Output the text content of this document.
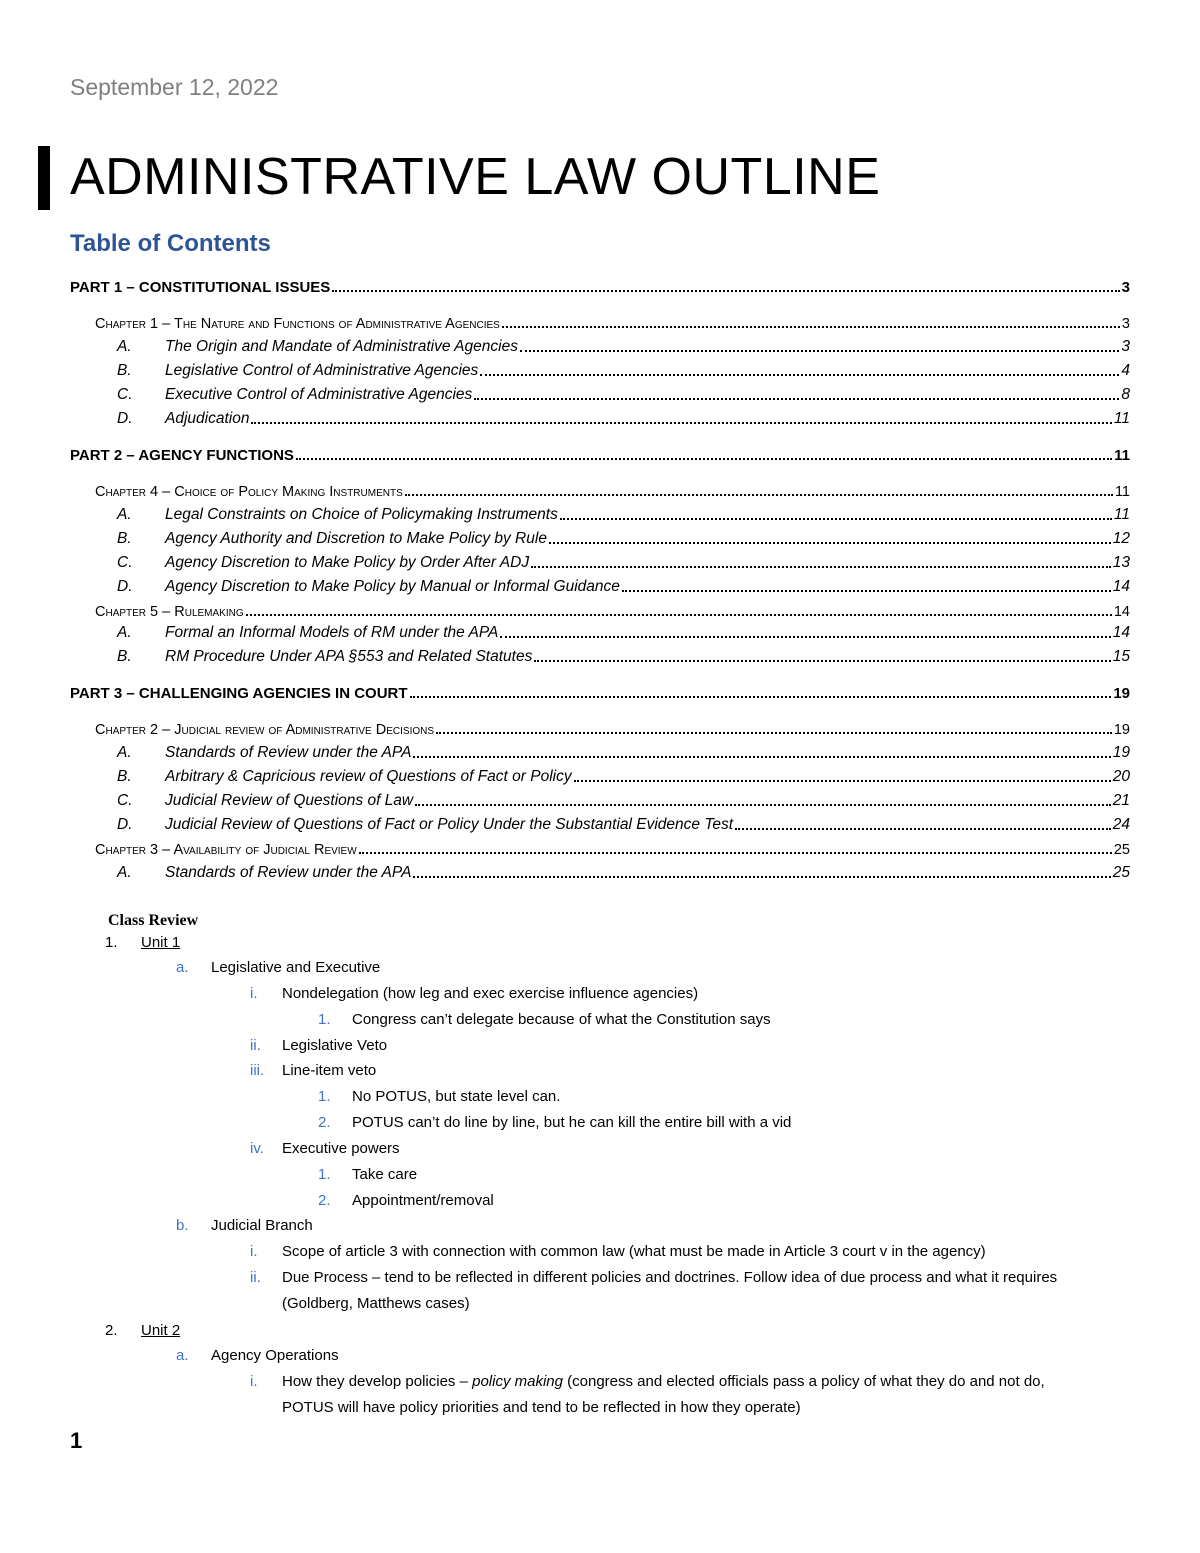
September 12, 2022
ADMINISTRATIVE LAW OUTLINE
Table of Contents
PART 1 – CONSTITUTIONAL ISSUES	3
Chapter 1 – The Nature and Functions of Administrative Agencies	3
A. The Origin and Mandate of Administrative Agencies	3
B. Legislative Control of Administrative Agencies	4
C. Executive Control of Administrative Agencies	8
D. Adjudication	11
PART 2 – AGENCY FUNCTIONS	11
Chapter 4 – Choice of Policy Making Instruments	11
A. Legal Constraints on Choice of Policymaking Instruments	11
B. Agency Authority and Discretion to Make Policy by Rule	12
C. Agency Discretion to Make Policy by Order After ADJ	13
D. Agency Discretion to Make Policy by Manual or Informal Guidance	14
Chapter 5 – Rulemaking	14
A. Formal an Informal Models of RM under the APA	14
B. RM Procedure Under APA §553 and Related Statutes	15
PART 3 – CHALLENGING AGENCIES IN COURT	19
Chapter 2 – Judicial review of Administrative Decisions	19
A. Standards of Review under the APA	19
B. Arbitrary & Capricious review of Questions of Fact or Policy	20
C. Judicial Review of Questions of Law	21
D. Judicial Review of Questions of Fact or Policy Under the Substantial Evidence Test	24
Chapter 3 – Availability of Judicial Review	25
A. Standards of Review under the APA	25
Class Review
1. Unit 1
a. Legislative and Executive
i. Nondelegation (how leg and exec exercise influence agencies)
1. Congress can’t delegate because of what the Constitution says
ii. Legislative Veto
iii. Line-item veto
1. No POTUS, but state level can.
2. POTUS can’t do line by line, but he can kill the entire bill with a vid
iv. Executive powers
1. Take care
2. Appointment/removal
b. Judicial Branch
i. Scope of article 3 with connection with common law (what must be made in Article 3 court v in the agency)
ii. Due Process – tend to be reflected in different policies and doctrines. Follow idea of due process and what it requires
(Goldberg, Matthews cases)
2. Unit 2
a. Agency Operations
i. How they develop policies – policy making (congress and elected officials pass a policy of what they do and not do,
POTUS will have policy priorities and tend to be reflected in how they operate)
1
